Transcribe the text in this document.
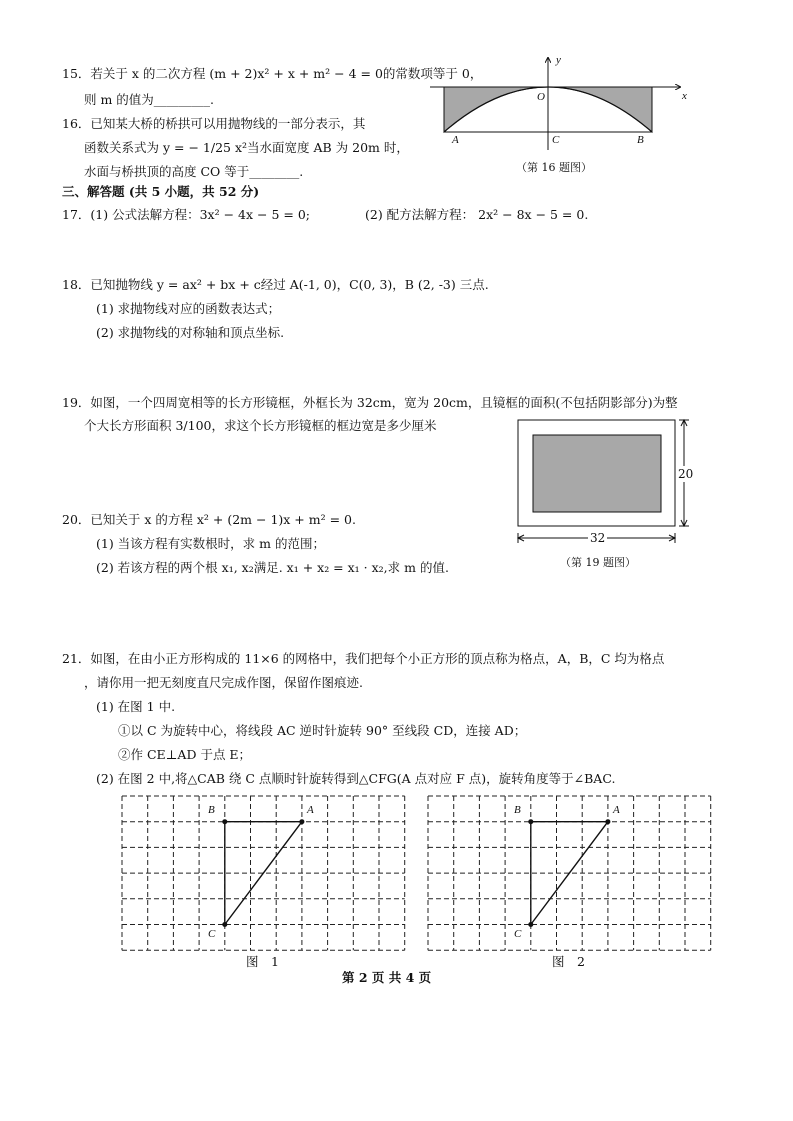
15．若关于 x 的二次方程 (m + 2)x² + x + m² − 4 = 0的常数项等于 0，
则 m 的值为_________.
16．已知某大桥的桥拱可以用抛物线的一部分表示，其
函数关系式为 y = − 1/25 x²当水面宽度 AB 为 20m 时，
水面与桥拱顶的高度 CO 等于________.
y
x
O
A	C	B
（第 16 题图）
三、解答题 (共 5 小题，共 52 分)
17．(1) 公式法解方程：3x² − 4x − 5 = 0;	(2) 配方法解方程： 2x² − 8x − 5 = 0.
18．已知抛物线 y = ax² + bx + c经过 A(-1, 0)，C(0, 3)，B (2, -3) 三点.
(1) 求抛物线对应的函数表达式；
(2) 求抛物线的对称轴和顶点坐标.
19．如图，一个四周宽相等的长方形镜框，外框长为 32cm，宽为 20cm，且镜框的面积(不包括阴影部分)为整
个大长方形面积 3/100，求这个长方形镜框的框边宽是多少厘米
20
32
（第 19 题图）
20．已知关于 x 的方程 x² + (2m − 1)x + m² = 0.
(1) 当该方程有实数根时，求 m 的范围；
(2) 若该方程的两个根 x₁, x₂满足. x₁ + x₂ = x₁ · x₂,求 m 的值.
21．如图，在由小正方形构成的 11×6 的网格中，我们把每个小正方形的顶点称为格点，A，B，C 均为格点
，请你用一把无刻度直尺完成作图，保留作图痕迹.
(1) 在图 1 中.
①以 C 为旋转中心，将线段 AC 逆时针旋转 90° 至线段 CD，连接 AD；
②作 CE⊥AD 于点 E；
(2) 在图 2 中,将△CAB 绕 C 点顺时针旋转得到△CFG(A 点对应 F 点)，旋转角度等于∠BAC.
B	A
C
图　1
B	A
C
图　2
第 2 页 共 4 页
